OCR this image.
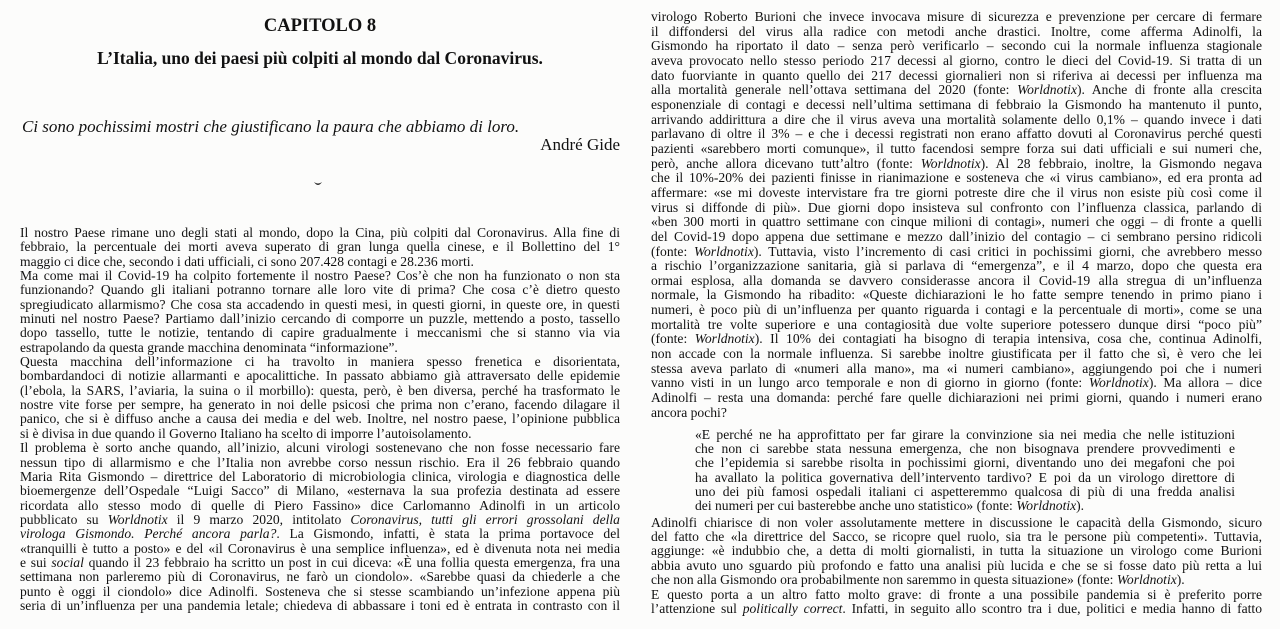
CAPITOLO 8
L’Italia, uno dei paesi più colpiti al mondo dal Coronavirus.
Ci sono pochissimi mostri che giustificano la paura che abbiamo di loro.
André Gide
Il nostro Paese rimane uno degli stati al mondo, dopo la Cina, più colpiti dal Coronavirus. Alla fine di
febbraio, la percentuale dei morti aveva superato di gran lunga quella cinese, e il Bollettino del 1°
maggio ci dice che, secondo i dati ufficiali, ci sono 207.428 contagi e 28.236 morti.
Ma come mai il Covid-19 ha colpito fortemente il nostro Paese? Cos’è che non ha funzionato o non sta
funzionando? Quando gli italiani potranno tornare alle loro vite di prima? Che cosa c’è dietro questo
spregiudicato allarmismo? Che cosa sta accadendo in questi mesi, in questi giorni, in queste ore, in questi
minuti nel nostro Paese? Partiamo dall’inizio cercando di comporre un puzzle, mettendo a posto, tassello
dopo tassello, tutte le notizie, tentando di capire gradualmente i meccanismi che si stanno via via
estrapolando da questa grande macchina denominata “informazione”.
Questa macchina dell’informazione ci ha travolto in maniera spesso frenetica e disorientata,
bombardandoci di notizie allarmanti e apocalittiche. In passato abbiamo già attraversato delle epidemie
(l’ebola, la SARS, l’aviaria, la suina o il morbillo): questa, però, è ben diversa, perché ha trasformato le
nostre vite forse per sempre, ha generato in noi delle psicosi che prima non c’erano, facendo dilagare il
panico, che si è diffuso anche a causa dei media e del web. Inoltre, nel nostro paese, l’opinione pubblica
si è divisa in due quando il Governo Italiano ha scelto di imporre l’autoisolamento.
Il problema è sorto anche quando, all’inizio, alcuni virologi sostenevano che non fosse necessario fare
nessun tipo di allarmismo e che l’Italia non avrebbe corso nessun rischio. Era il 26 febbraio quando
Maria Rita Gismondo – direttrice del Laboratorio di microbiologia clinica, virologia e diagnostica delle
bioemergenze dell’Ospedale “Luigi Sacco” di Milano, «esternava la sua profezia destinata ad essere
ricordata allo stesso modo di quelle di Piero Fassino» dice Carlomanno Adinolfi in un articolo
pubblicato su Worldnotix il 9 marzo 2020, intitolato Coronavirus, tutti gli errori grossolani della
virologa Gismondo. Perché ancora parla?. La Gismondo, infatti, è stata la prima portavoce del
«tranquilli è tutto a posto» e del «il Coronavirus è una semplice influenza», ed è divenuta nota nei media
e sui social quando il 23 febbraio ha scritto un post in cui diceva: «È una follia questa emergenza, fra una
settimana non parleremo più di Coronavirus, ne farò un ciondolo». «Sarebbe quasi da chiederle a che
punto è oggi il ciondolo» dice Adinolfi. Sosteneva che si stesse scambiando un’infezione appena più
seria di un’influenza per una pandemia letale; chiedeva di abbassare i toni ed è entrata in contrasto con il
virologo Roberto Burioni che invece invocava misure di sicurezza e prevenzione per cercare di fermare
il diffondersi del virus alla radice con metodi anche drastici. Inoltre, come afferma Adinolfi, la
Gismondo ha riportato il dato – senza però verificarlo – secondo cui la normale influenza stagionale
aveva provocato nello stesso periodo 217 decessi al giorno, contro le dieci del Covid-19. Si tratta di un
dato fuorviante in quanto quello dei 217 decessi giornalieri non si riferiva ai decessi per influenza ma
alla mortalità generale nell’ottava settimana del 2020 (fonte: Worldnotix). Anche di fronte alla crescita
esponenziale di contagi e decessi nell’ultima settimana di febbraio la Gismondo ha mantenuto il punto,
arrivando addirittura a dire che il virus aveva una mortalità solamente dello 0,1% – quando invece i dati
parlavano di oltre il 3% – e che i decessi registrati non erano affatto dovuti al Coronavirus perché questi
pazienti «sarebbero morti comunque», il tutto facendosi sempre forza sui dati ufficiali e sui numeri che,
però, anche allora dicevano tutt’altro (fonte: Worldnotix). Al 28 febbraio, inoltre, la Gismondo negava
che il 10%-20% dei pazienti finisse in rianimazione e sosteneva che «i virus cambiano», ed era pronta ad
affermare: «se mi doveste intervistare fra tre giorni potreste dire che il virus non esiste più così come il
virus si diffonde di più». Due giorni dopo insisteva sul confronto con l’influenza classica, parlando di
«ben 300 morti in quattro settimane con cinque milioni di contagi», numeri che oggi – di fronte a quelli
del Covid-19 dopo appena due settimane e mezzo dall’inizio del contagio – ci sembrano persino ridicoli
(fonte: Worldnotix). Tuttavia, visto l’incremento di casi critici in pochissimi giorni, che avrebbero messo
a rischio l’organizzazione sanitaria, già si parlava di “emergenza”, e il 4 marzo, dopo che questa era
ormai esplosa, alla domanda se davvero considerasse ancora il Covid-19 alla stregua di un’influenza
normale, la Gismondo ha ribadito: «Queste dichiarazioni le ho fatte sempre tenendo in primo piano i
numeri, è poco più di un’influenza per quanto riguarda i contagi e la percentuale di morti», come se una
mortalità tre volte superiore e una contagiosità due volte superiore potessero dunque dirsi “poco più”
(fonte: Worldnotix). Il 10% dei contagiati ha bisogno di terapia intensiva, cosa che, continua Adinolfi,
non accade con la normale influenza. Si sarebbe inoltre giustificata per il fatto che sì, è vero che lei
stessa aveva parlato di «numeri alla mano», ma «i numeri cambiano», aggiungendo poi che i numeri
vanno visti in un lungo arco temporale e non di giorno in giorno (fonte: Worldnotix). Ma allora – dice
Adinolfi – resta una domanda: perché fare quelle dichiarazioni nei primi giorni, quando i numeri erano
ancora pochi?
«E perché ne ha approfittato per far girare la convinzione sia nei media che nelle istituzioni
che non ci sarebbe stata nessuna emergenza, che non bisognava prendere provvedimenti e
che l’epidemia si sarebbe risolta in pochissimi giorni, diventando uno dei megafoni che poi
ha avallato la politica governativa dell’intervento tardivo? E poi da un virologo direttore di
uno dei più famosi ospedali italiani ci aspetteremmo qualcosa di più di una fredda analisi
dei numeri per cui basterebbe anche uno statistico» (fonte: Worldnotix).
Adinolfi chiarisce di non voler assolutamente mettere in discussione le capacità della Gismondo, sicuro
del fatto che «la direttrice del Sacco, se ricopre quel ruolo, sia tra le persone più competenti». Tuttavia,
aggiunge: «è indubbio che, a detta di molti giornalisti, in tutta la situazione un virologo come Burioni
abbia avuto uno sguardo più profondo e fatto una analisi più lucida e che se si fosse dato più retta a lui
che non alla Gismondo ora probabilmente non saremmo in questa situazione» (fonte: Worldnotix).
E questo porta a un altro fatto molto grave: di fronte a una possibile pandemia si è preferito porre
l’attenzione sul politically correct. Infatti, in seguito allo scontro tra i due, politici e media hanno di fatto
